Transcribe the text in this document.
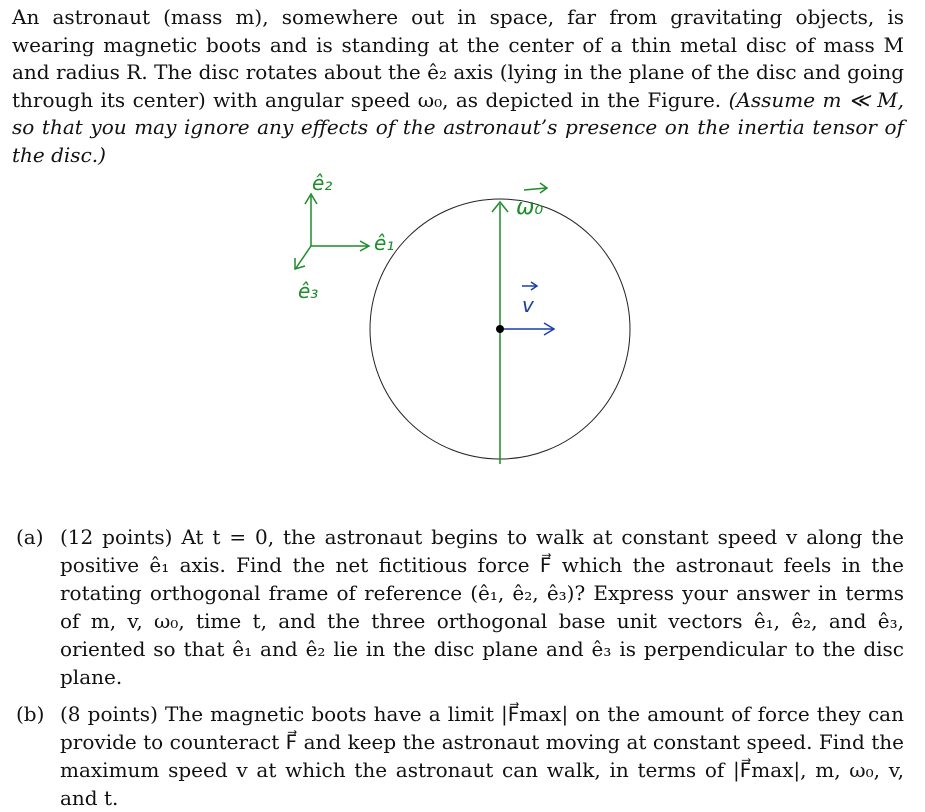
An astronaut (mass m), somewhere out in space, far from gravitating objects, is wearing magnetic boots and is standing at the center of a thin metal disc of mass M and radius R. The disc rotates about the ê₂ axis (lying in the plane of the disc and going through its center) with angular speed ω₀, as depicted in the Figure. (Assume m ≪ M, so that you may ignore any effects of the astronaut’s presence on the inertia tensor of the disc.)
ê₂
ê₁
ê₃
ω₀
v
(a) (12 points) At t = 0, the astronaut begins to walk at constant speed v along the positive ê₁ axis. Find the net fictitious force F⃗ which the astronaut feels in the rotating orthogonal frame of reference (ê₁, ê₂, ê₃)? Express your answer in terms of m, v, ω₀, time t, and the three orthogonal base unit vectors ê₁, ê₂, and ê₃, oriented so that ê₁ and ê₂ lie in the disc plane and ê₃ is perpendicular to the disc plane.
(b) (8 points) The magnetic boots have a limit |F⃗max| on the amount of force they can provide to counteract F⃗ and keep the astronaut moving at constant speed. Find the maximum speed v at which the astronaut can walk, in terms of |F⃗max|, m, ω₀, v, and t.
